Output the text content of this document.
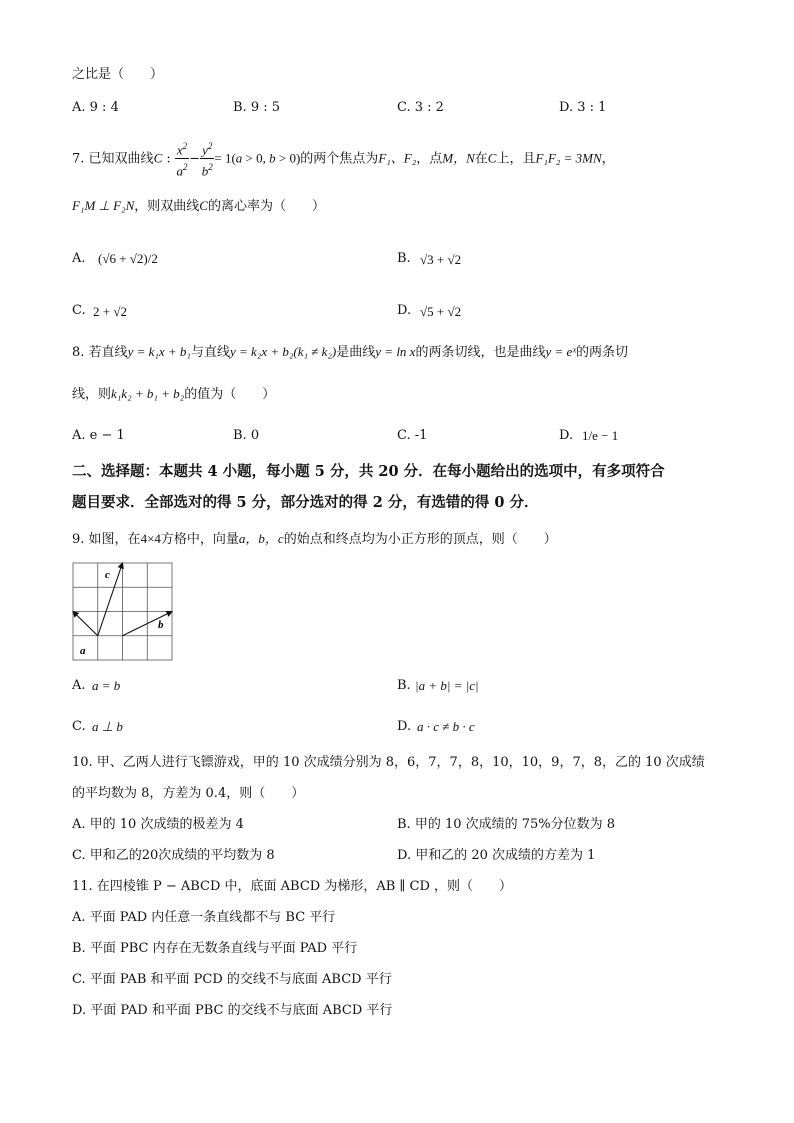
之比是（　　）
A. 9 : 4	B. 9 : 5	C. 3 : 2	D. 3 : 1
7. 已知双曲线C : $\frac{x^2}{a^2} - \frac{y^2}{b^2} = 1(a > 0$, b > 0)的两个焦点为F₁、F₂，点M，N在C上，且F₁F₂ = 3MN，
F₁M ⊥ F₂N，则双曲线C的离心率为（　　）
A. (√6 + √2)/2	B. √3 + √2
C. 2 + √2	D. √5 + √2
8. 若直线y = k₁x + b₁与直线y = k₂x + b₂(k₁ ≠ k₂)是曲线y = ln x的两条切线，也是曲线y = eˣ的两条切
线，则k₁k₂ + b₁ + b₂的值为（　　）
A. e − 1	B. 0	C. -1	D. 1/e − 1
二、选择题：本题共 4 小题，每小题 5 分，共 20 分．在每小题给出的选项中，有多项符合
题目要求．全部选对的得 5 分，部分选对的得 2 分，有选错的得 0 分．
9. 如图，在4×4方格中，向量a，b，c的始点和终点均为小正方形的顶点，则（　　）
c
b
a
A. a = b	B. |a + b| = |c|
C. a ⊥ b	D. a · c ≠ b · c
10. 甲、乙两人进行飞镖游戏，甲的 10 次成绩分别为 8，6，7，7，8，10，10，9，7，8，乙的 10 次成绩
的平均数为 8，方差为 0.4，则（　　）
A. 甲的 10 次成绩的极差为 4	B. 甲的 10 次成绩的 75%分位数为 8
C. 甲和乙的20次成绩的平均数为 8	D. 甲和乙的 20 次成绩的方差为 1
11. 在四棱锥 P − ABCD 中，底面 ABCD 为梯形，AB ∥ CD ，则（　　）
A. 平面 PAD 内任意一条直线都不与 BC 平行
B. 平面 PBC 内存在无数条直线与平面 PAD 平行
C. 平面 PAB 和平面 PCD 的交线不与底面 ABCD 平行
D. 平面 PAD 和平面 PBC 的交线不与底面 ABCD 平行
